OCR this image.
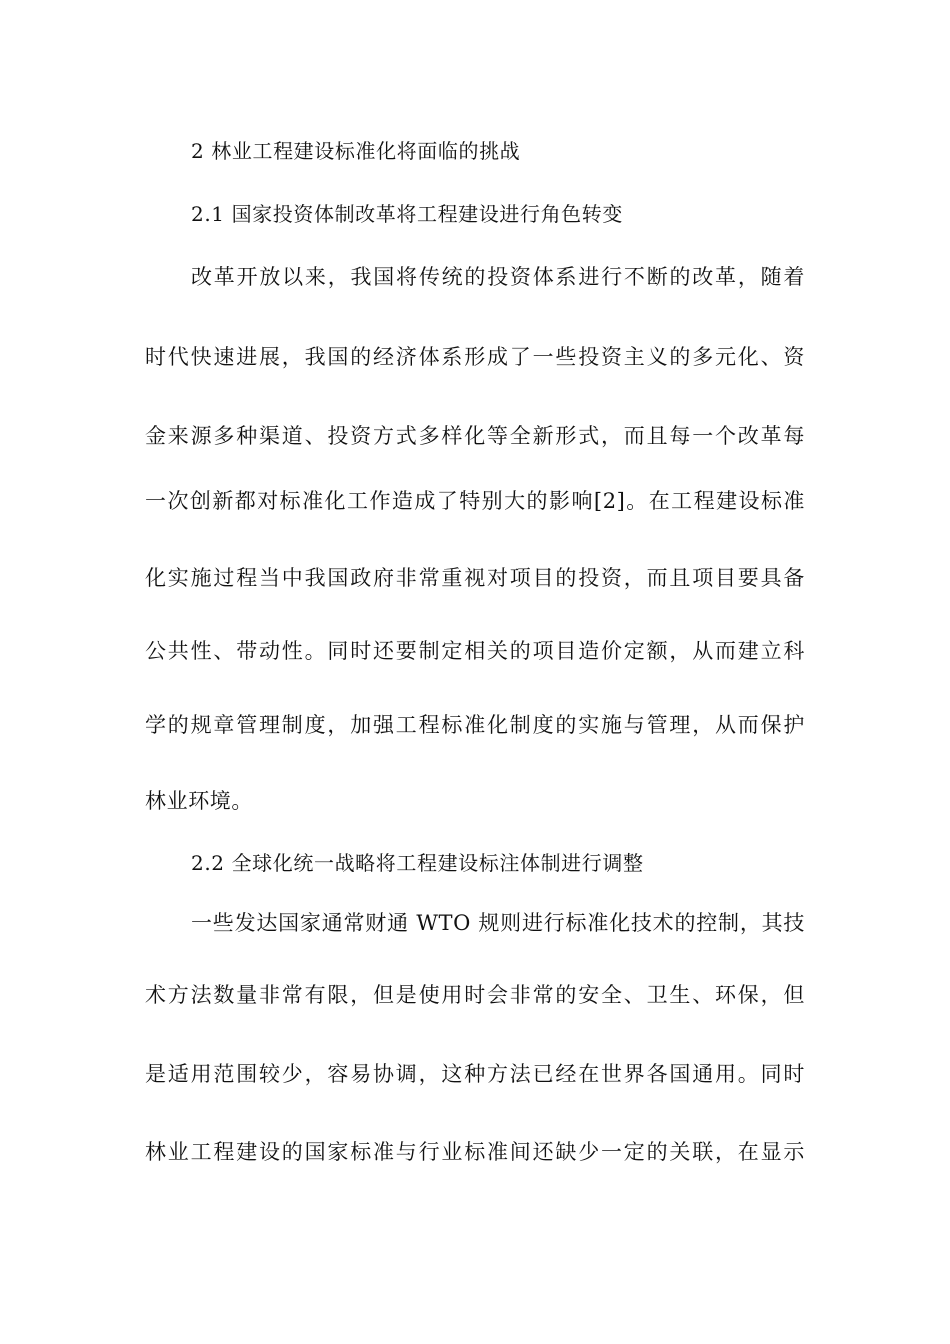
2 林业工程建设标准化将面临的挑战
2.1 国家投资体制改革将工程建设进行角色转变
改革开放以来，我国将传统的投资体系进行不断的改革，随着
时代快速进展，我国的经济体系形成了一些投资主义的多元化、资
金来源多种渠道、投资方式多样化等全新形式，而且每一个改革每
一次创新都对标准化工作造成了特别大的影响[2]。在工程建设标准
化实施过程当中我国政府非常重视对项目的投资，而且项目要具备
公共性、带动性。同时还要制定相关的项目造价定额，从而建立科
学的规章管理制度，加强工程标准化制度的实施与管理，从而保护
林业环境。
2.2 全球化统一战略将工程建设标注体制进行调整
一些发达国家通常财通 WTO 规则进行标准化技术的控制，其技
术方法数量非常有限，但是使用时会非常的安全、卫生、环保，但
是适用范围较少，容易协调，这种方法已经在世界各国通用。同时
林业工程建设的国家标准与行业标准间还缺少一定的关联，在显示
